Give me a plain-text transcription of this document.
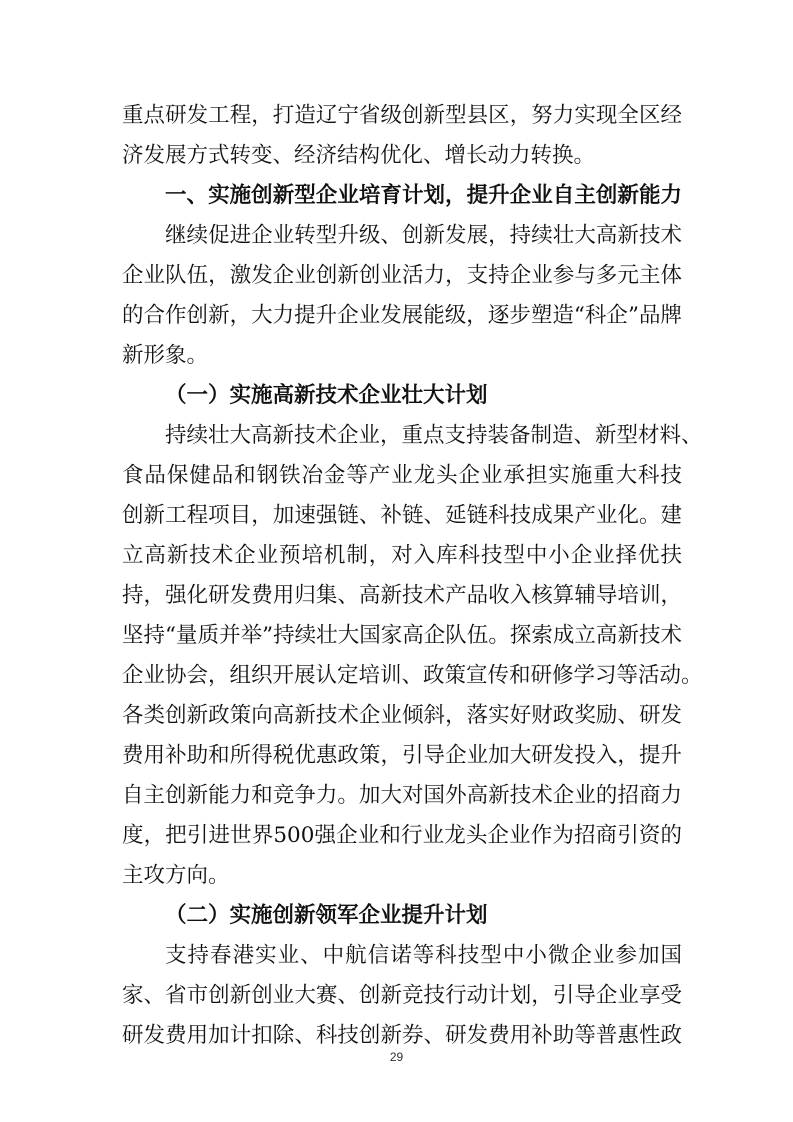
重点研发工程，打造辽宁省级创新型县区，努力实现全区经
济发展方式转变、经济结构优化、增长动力转换。
一、实施创新型企业培育计划，提升企业自主创新能力
继续促进企业转型升级、创新发展，持续壮大高新技术
企业队伍，激发企业创新创业活力，支持企业参与多元主体
的合作创新，大力提升企业发展能级，逐步塑造“科企”品牌
新形象。
（一）实施高新技术企业壮大计划
持续壮大高新技术企业，重点支持装备制造、新型材料、
食品保健品和钢铁冶金等产业龙头企业承担实施重大科技
创新工程项目，加速强链、补链、延链科技成果产业化。建
立高新技术企业预培机制，对入库科技型中小企业择优扶
持，强化研发费用归集、高新技术产品收入核算辅导培训，
坚持“量质并举”持续壮大国家高企队伍。探索成立高新技术
企业协会，组织开展认定培训、政策宣传和研修学习等活动。
各类创新政策向高新技术企业倾斜，落实好财政奖励、研发
费用补助和所得税优惠政策，引导企业加大研发投入，提升
自主创新能力和竞争力。加大对国外高新技术企业的招商力
度，把引进世界500强企业和行业龙头企业作为招商引资的
主攻方向。
（二）实施创新领军企业提升计划
支持春港实业、中航信诺等科技型中小微企业参加国
家、省市创新创业大赛、创新竞技行动计划，引导企业享受
研发费用加计扣除、科技创新券、研发费用补助等普惠性政
29
